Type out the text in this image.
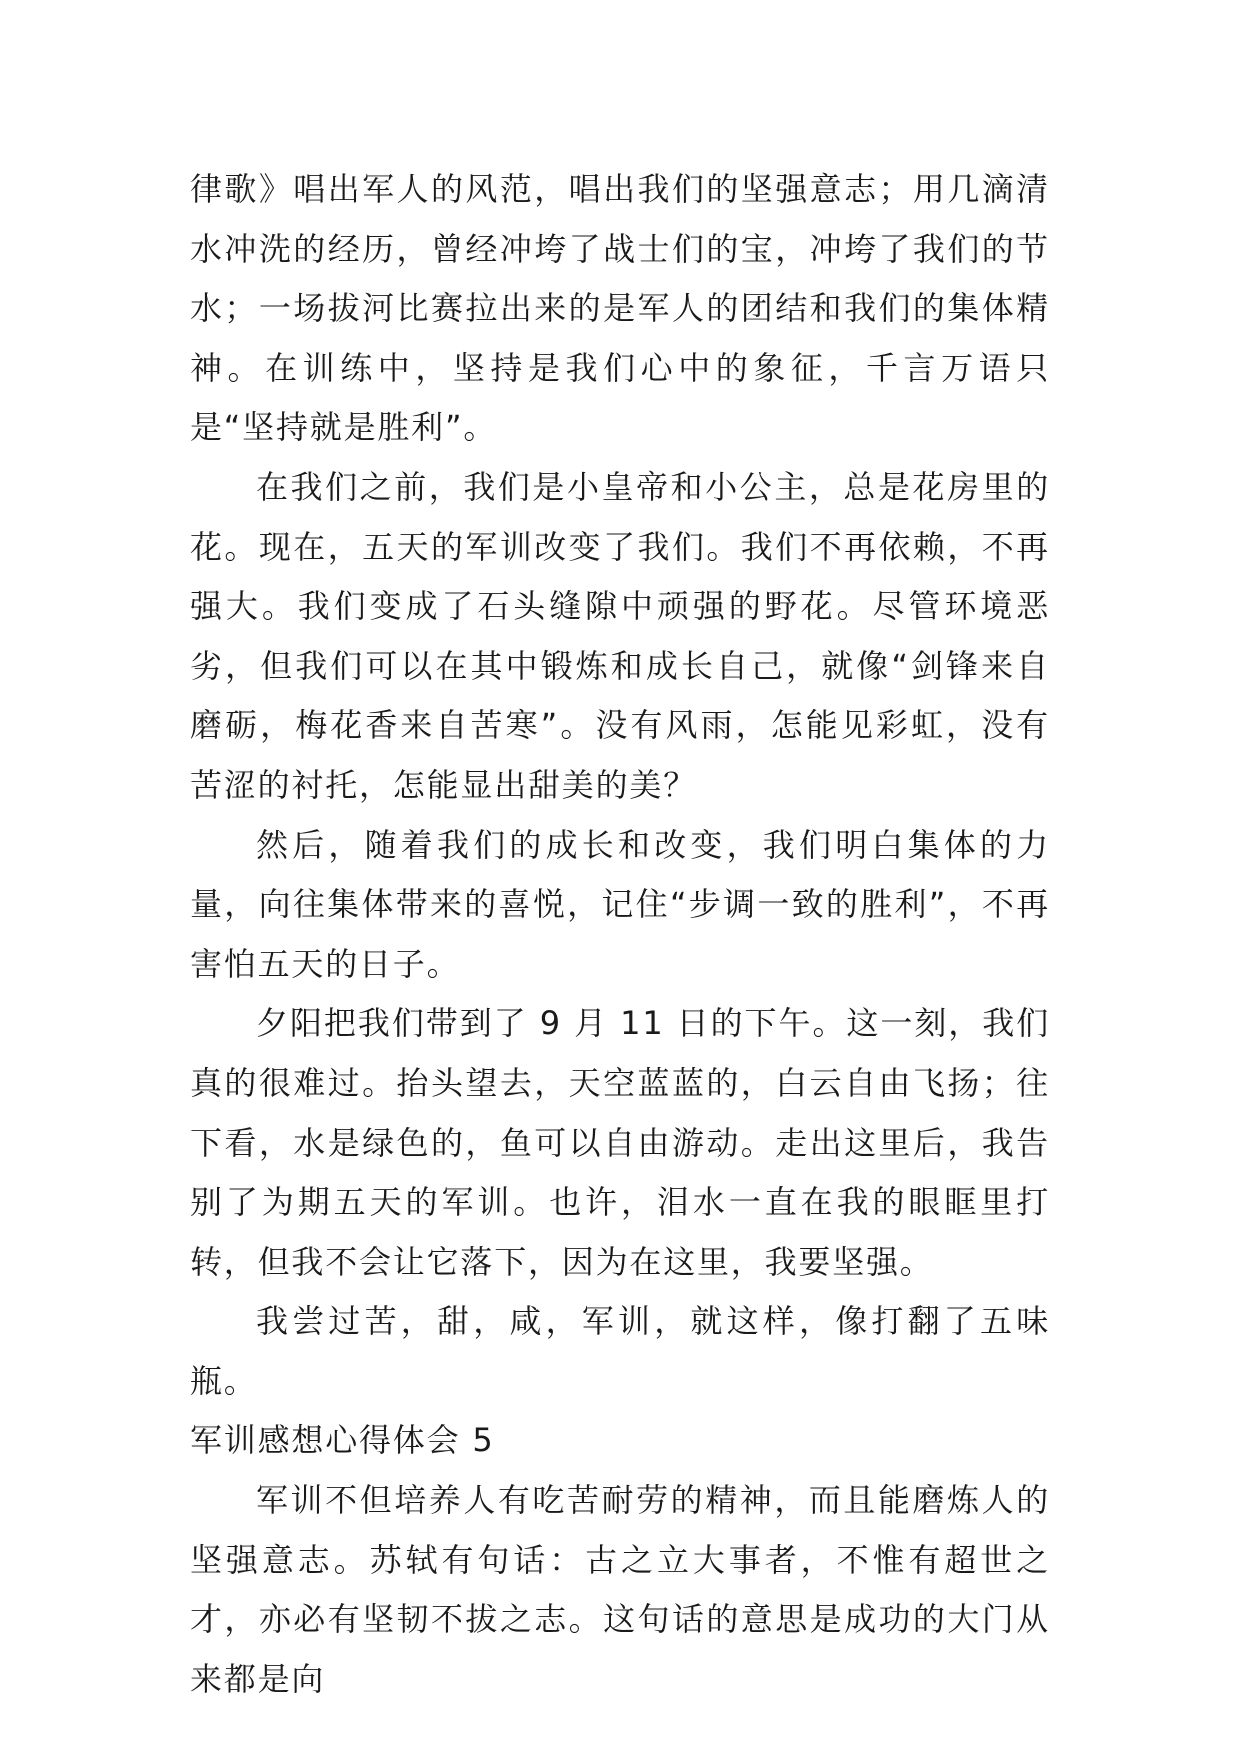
律歌》唱出军人的风范，唱出我们的坚强意志；用几滴清水冲洗的经历，曾经冲垮了战士们的宝，冲垮了我们的节水；一场拔河比赛拉出来的是军人的团结和我们的集体精神。在训练中，坚持是我们心中的象征，千言万语只是“坚持就是胜利”。

在我们之前，我们是小皇帝和小公主，总是花房里的花。现在，五天的军训改变了我们。我们不再依赖，不再强大。我们变成了石头缝隙中顽强的野花。尽管环境恶劣，但我们可以在其中锻炼和成长自己，就像“剑锋来自磨砺，梅花香来自苦寒”。没有风雨，怎能见彩虹，没有苦涩的衬托，怎能显出甜美的美？

然后，随着我们的成长和改变，我们明白集体的力量，向往集体带来的喜悦，记住“步调一致的胜利”，不再害怕五天的日子。

夕阳把我们带到了 9 月 11 日的下午。这一刻，我们真的很难过。抬头望去，天空蓝蓝的，白云自由飞扬；往下看，水是绿色的，鱼可以自由游动。走出这里后，我告别了为期五天的军训。也许，泪水一直在我的眼眶里打转，但我不会让它落下，因为在这里，我要坚强。

我尝过苦，甜，咸，军训，就这样，像打翻了五味瓶。

军训感想心得体会 5

军训不但培养人有吃苦耐劳的精神，而且能磨炼人的坚强意志。苏轼有句话：古之立大事者，不惟有超世之才，亦必有坚韧不拔之志。这句话的意思是成功的大门从来都是向
